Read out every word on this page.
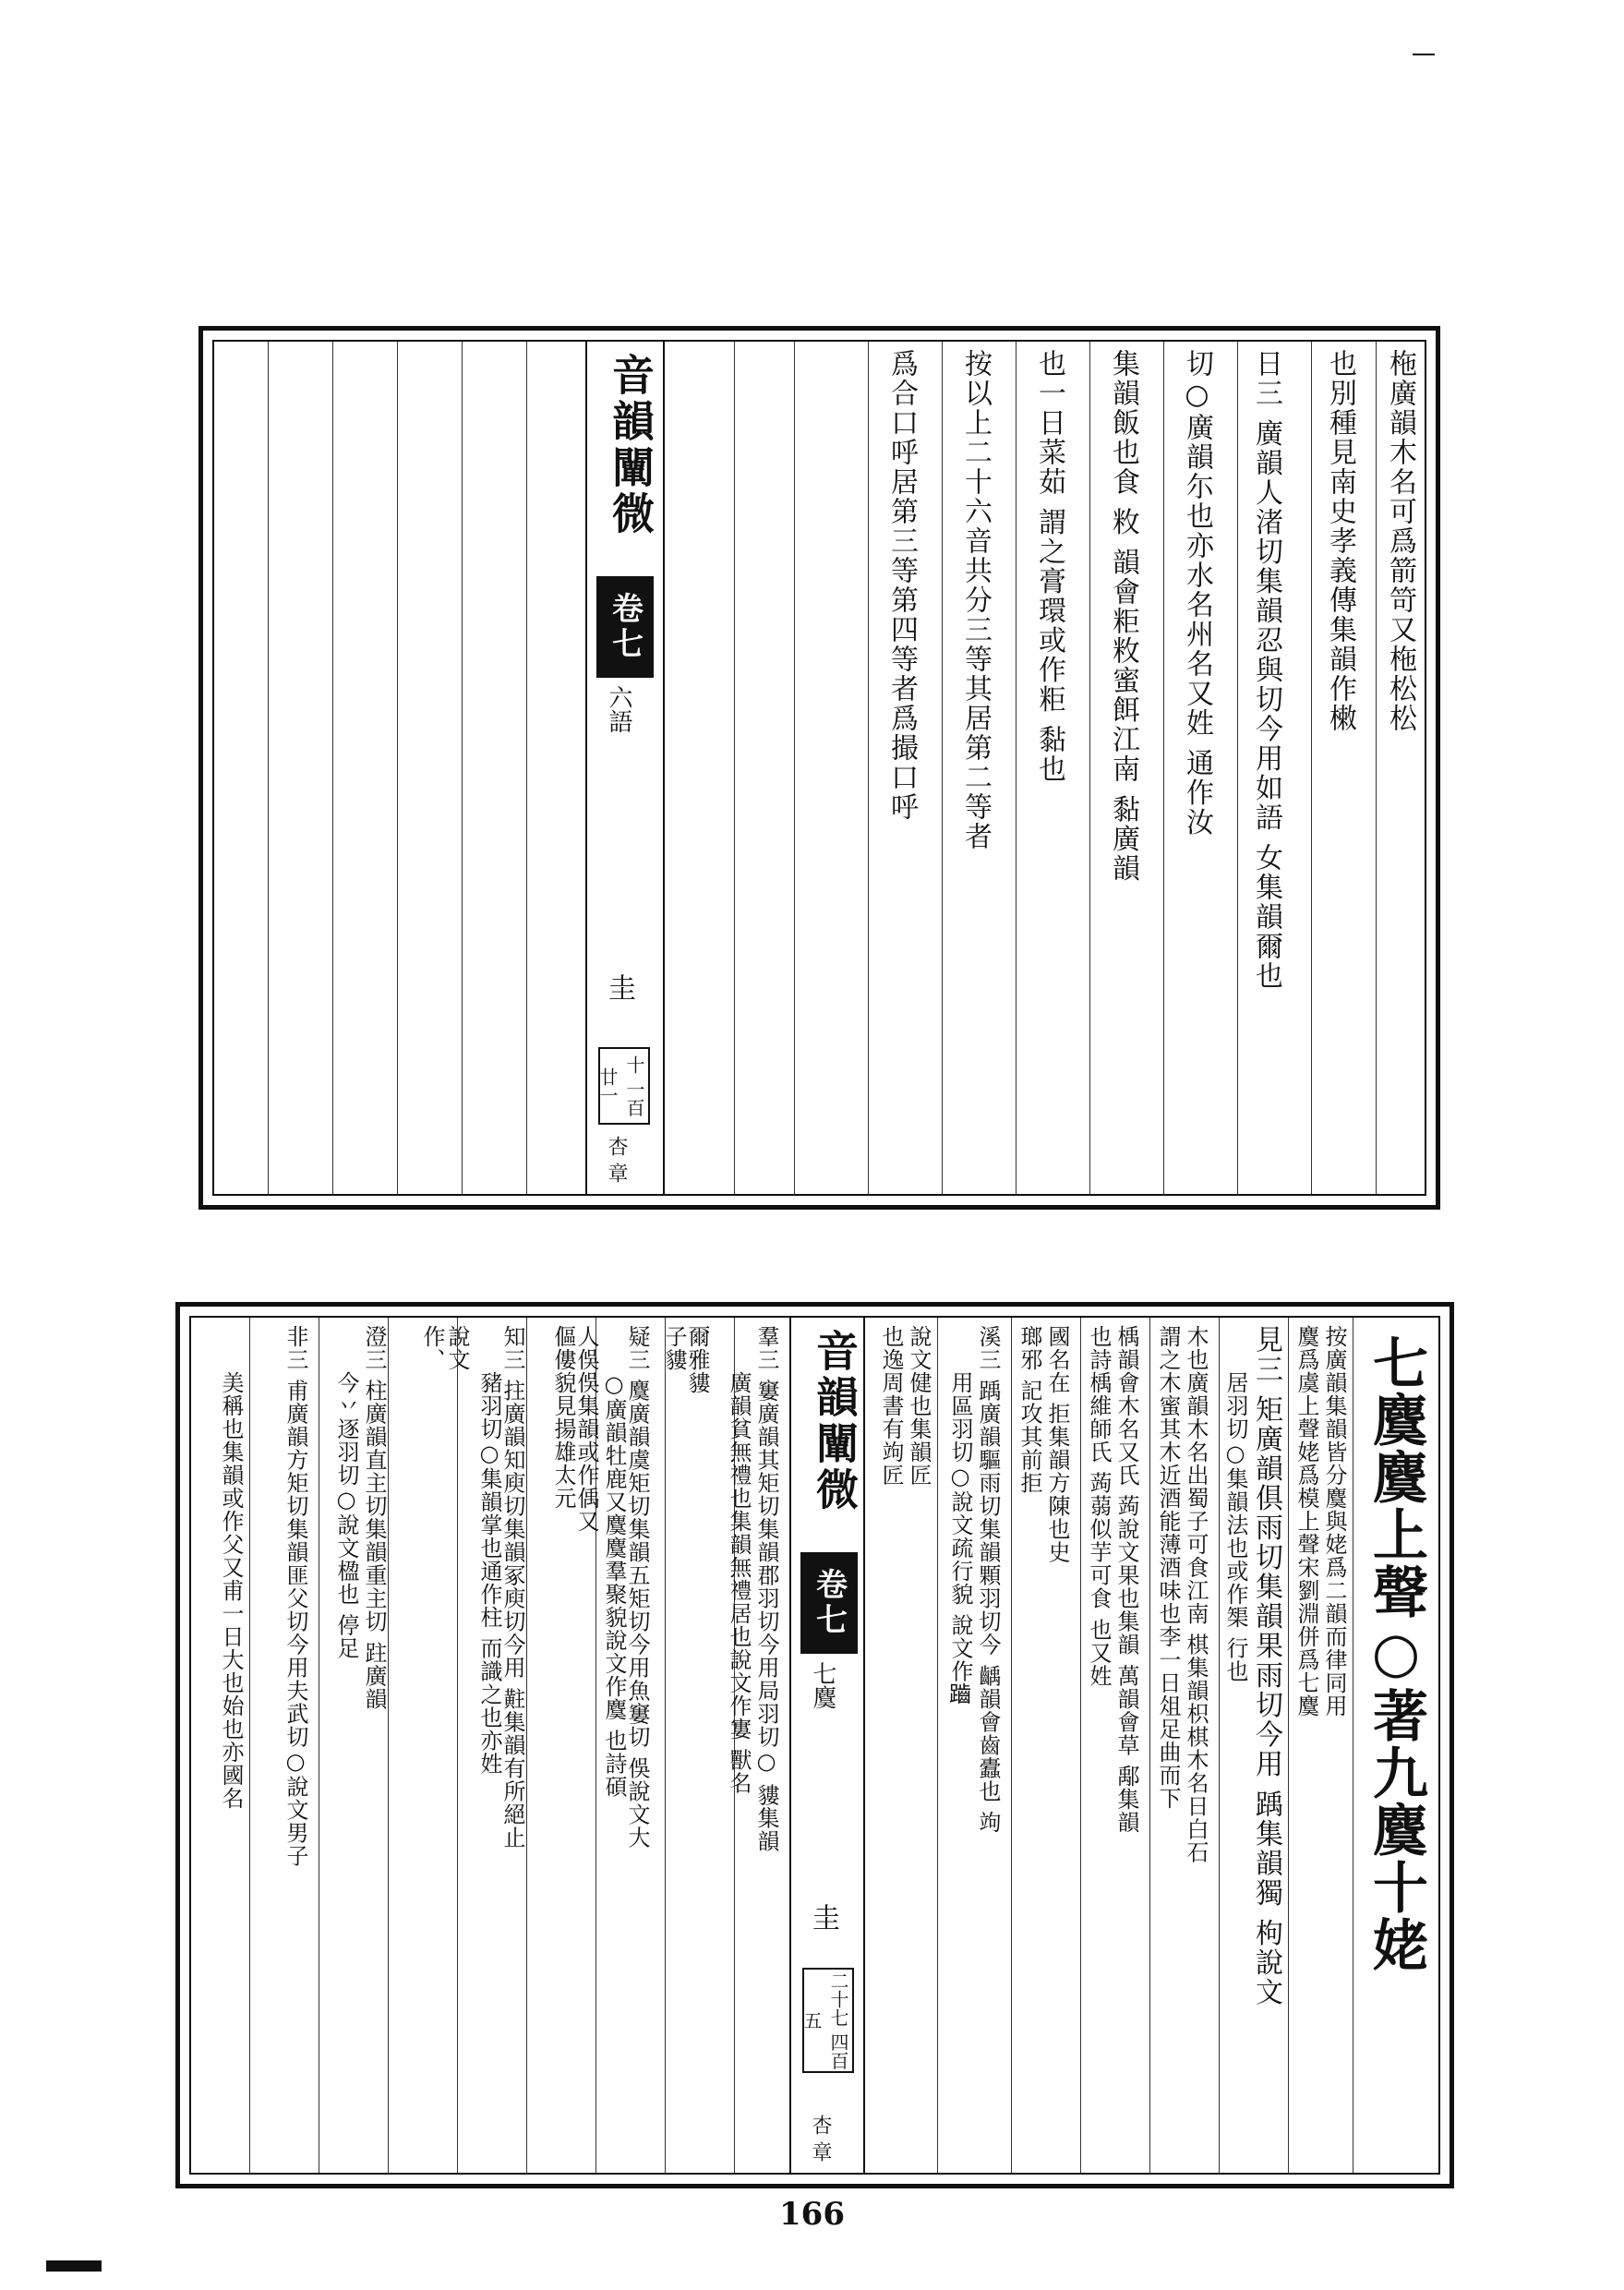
音韻闡微
卷七
六語
圭
十 一百廿一
杏 章
柂廣韻木名可爲箭笴又柂松松
也別種見南史孝義傳集韻作𣙙
日三 廣韻人渚切集韻忍與切今用如語 女集韻爾也
切○廣韻尓也亦水名州名又姓 通作汝
集韻飯也食 敉 韻會粔敉蜜餌江南 黏廣韻
也一日菜茹 謂之膏環或作粔 黏也
按以上二十六音共分三等其居第二等者
爲合口呼居第三等第四等者爲撮口呼
音韻闡微
卷七
七麌
圭
二十七 四百五
杏 章
七麌麌上聲○著九麌十姥
按廣韻集韻皆分麌與姥爲二韻而律同用
麌爲虞上聲姥爲模上聲宋劉淵併爲七麌
見三 矩廣韻俱雨切集韻果雨切今用 踽集韻獨 枸說文
居羽切○集韻法也或作榘 行也
木也廣韻木名出蜀子可食江南 棋集韻枳棋木名日白石
謂之木蜜其木近酒能薄酒味也李一日俎足曲而下
楀韻會木名又氏 蒟說文果也集韻 萬韻會草 鄅集韻
也詩楀維師氏 蒟蒻似芋可食 也又姓
國名在 拒集韻方陳也史
瑯邪 記攻其前拒
溪三 踽廣韻驅雨切集韻顆羽切今 齲韻會齒蠹也 竘
用區羽切○說文疏行貌 說文作𪘏
說文健也集韻匠
也逸周書有竘匠
羣三 窶廣韻其矩切集韻郡羽切今用局羽切○ 貗集韻
廣韻貧無禮也集韻無禮居也說文作寠 獸名
爾雅貗
子貗
疑三 麌廣韻虞矩切集韻五矩切今用魚窶切 俁說文大
○廣韻牡鹿又麌麌羣聚貌說文作麌 也詩碩
人俁俁集韻或作偊又
傴僂貌見揚雄太元
知三 拄廣韻知庾切集韻冢庾切今用 黈集韻有所絕止
豬羽切○集韻掌也通作柱 而識之也亦姓
說文
作、
澄三 柱廣韻直主切集韻重主切 跓廣韻
今丷逐羽切○說文楹也 停足
非三 甫廣韻方矩切集韻匪父切今用夫武切○說文男子
美稱也集韻或作父又甫一日大也始也亦國名
166
